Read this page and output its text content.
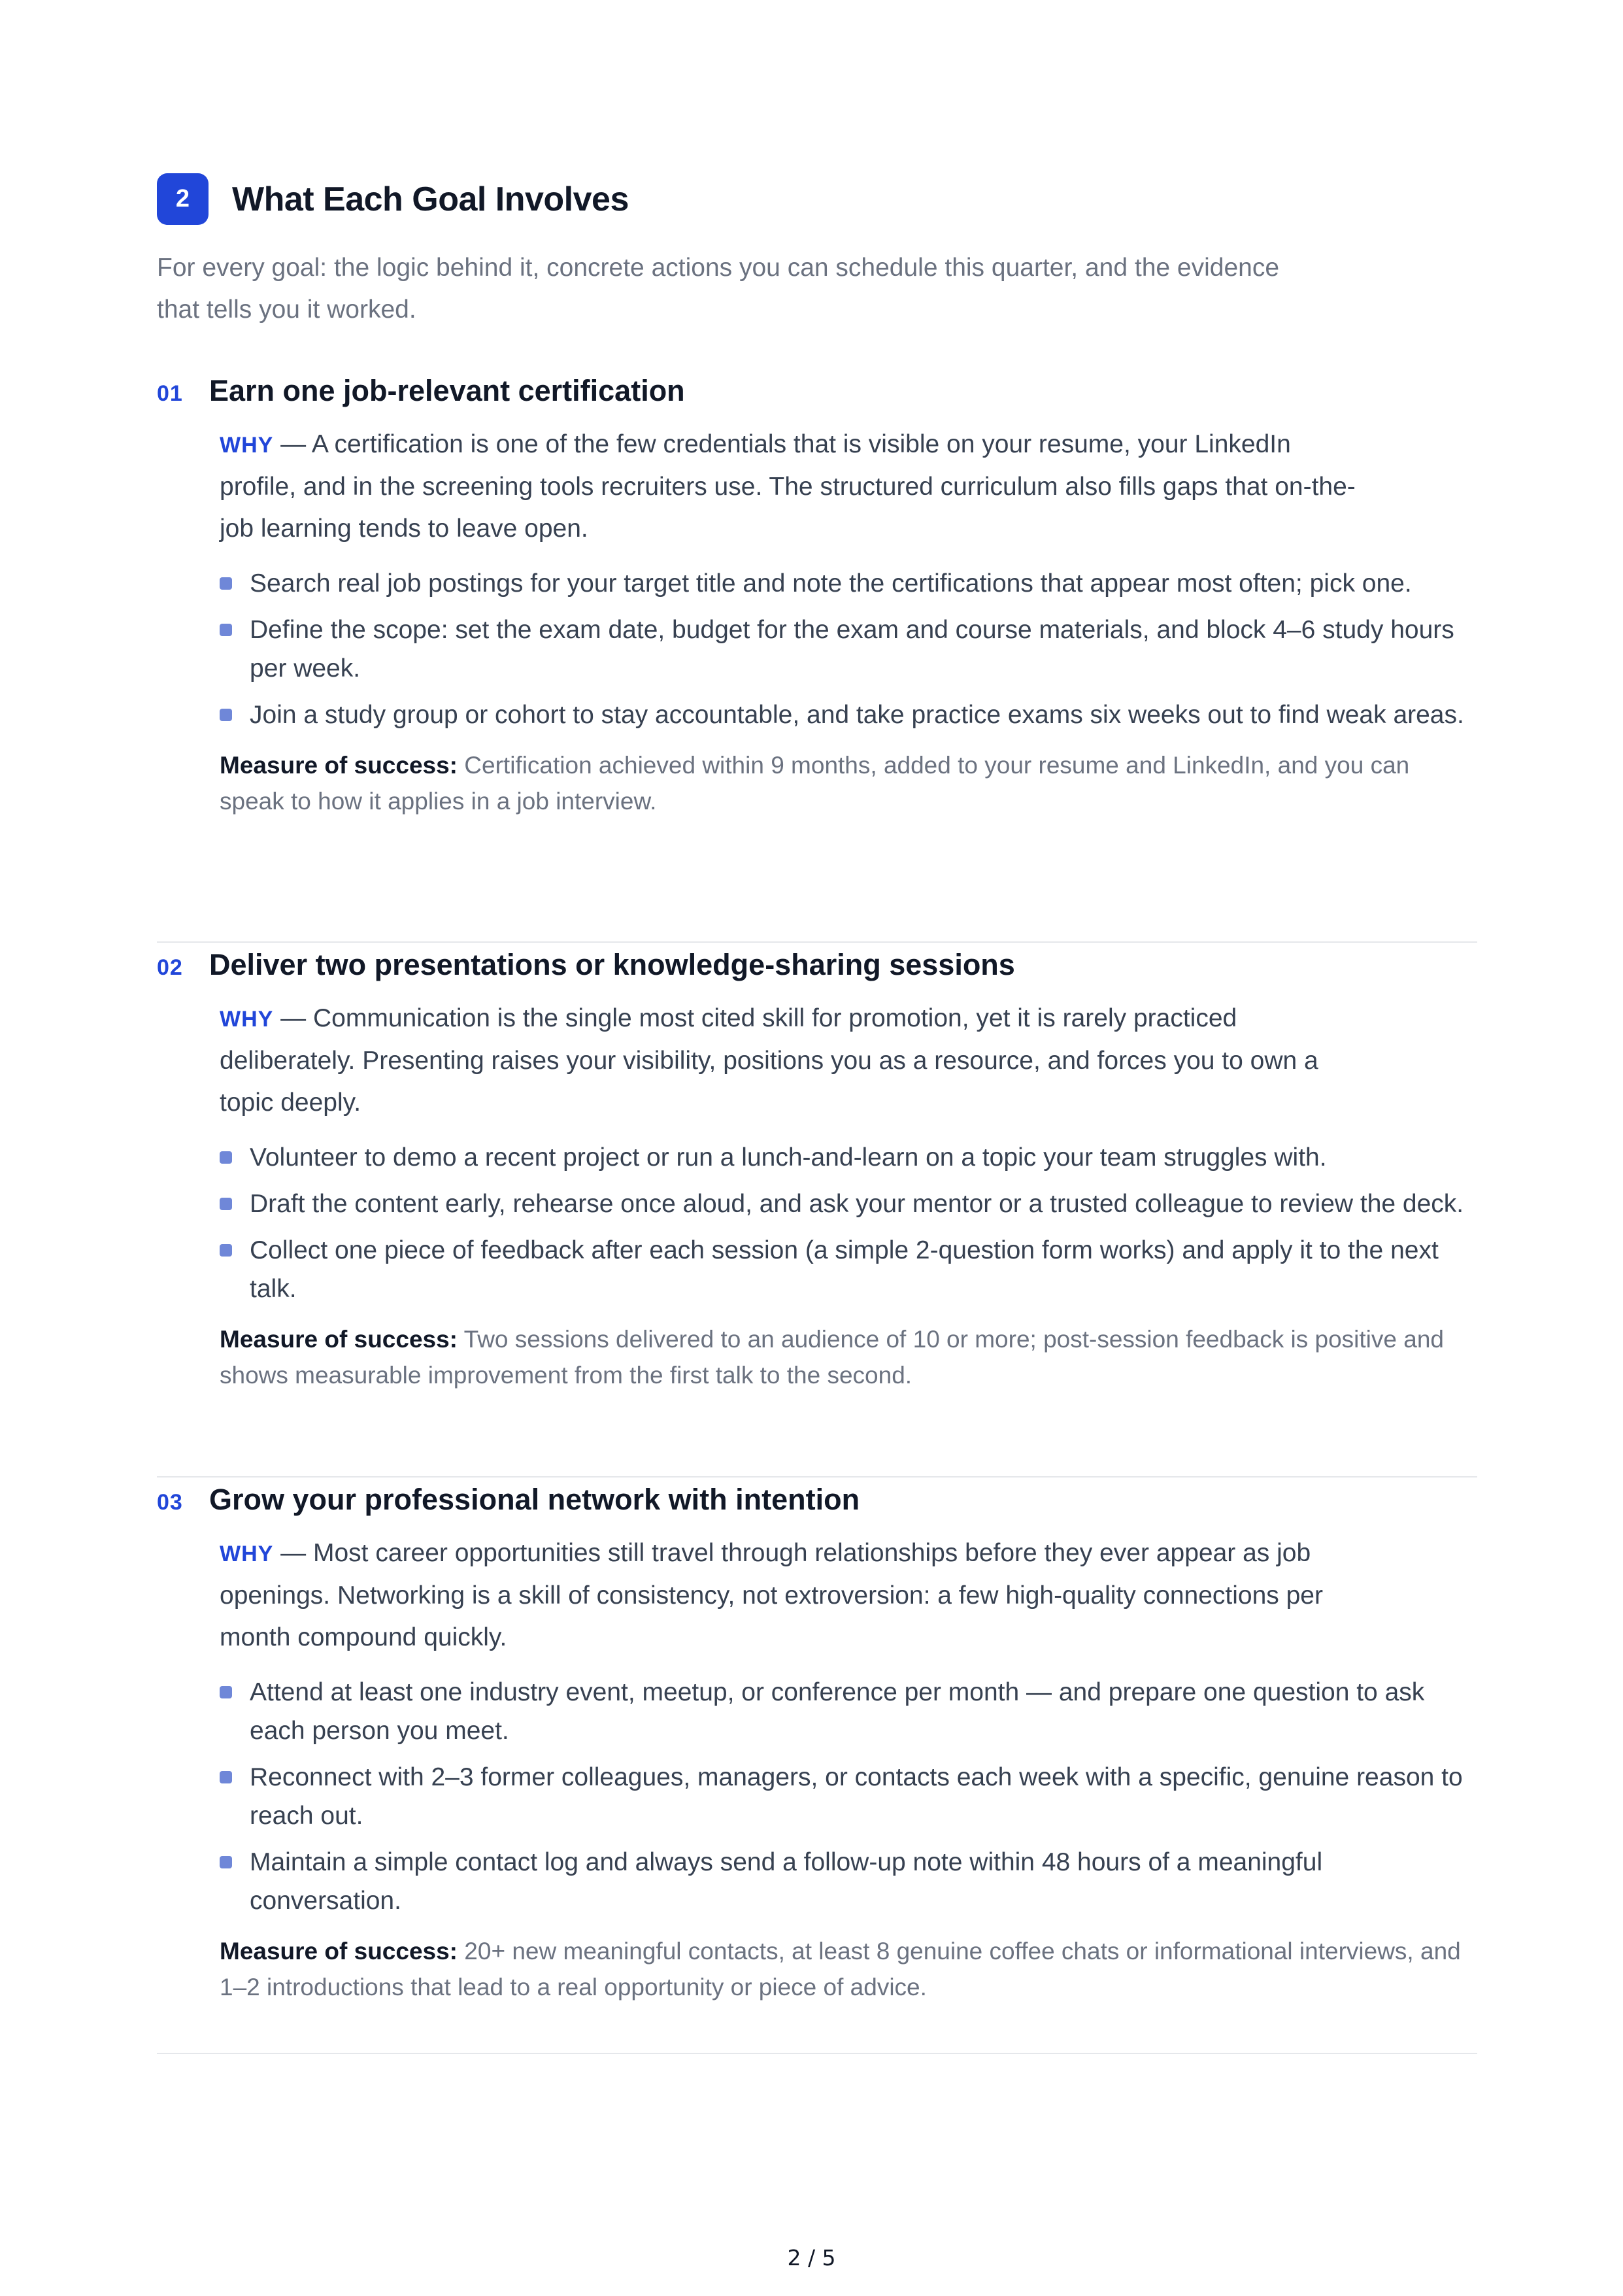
2	What Each Goal Involves

For every goal: the logic behind it, concrete actions you can schedule this quarter, and the evidence that tells you it worked.

01 Earn one job-relevant certification

WHY — A certification is one of the few credentials that is visible on your resume, your LinkedIn profile, and in the screening tools recruiters use. The structured curriculum also fills gaps that on-the-job learning tends to leave open.

Search real job postings for your target title and note the certifications that appear most often; pick one.
Define the scope: set the exam date, budget for the exam and course materials, and block 4–6 study hours per week.
Join a study group or cohort to stay accountable, and take practice exams six weeks out to find weak areas.

Measure of success: Certification achieved within 9 months, added to your resume and LinkedIn, and you can speak to how it applies in a job interview.

02 Deliver two presentations or knowledge-sharing sessions

WHY — Communication is the single most cited skill for promotion, yet it is rarely practiced deliberately. Presenting raises your visibility, positions you as a resource, and forces you to own a topic deeply.

Volunteer to demo a recent project or run a lunch-and-learn on a topic your team struggles with.
Draft the content early, rehearse once aloud, and ask your mentor or a trusted colleague to review the deck.
Collect one piece of feedback after each session (a simple 2-question form works) and apply it to the next talk.

Measure of success: Two sessions delivered to an audience of 10 or more; post-session feedback is positive and shows measurable improvement from the first talk to the second.

03 Grow your professional network with intention

WHY — Most career opportunities still travel through relationships before they ever appear as job openings. Networking is a skill of consistency, not extroversion: a few high-quality connections per month compound quickly.

Attend at least one industry event, meetup, or conference per month — and prepare one question to ask each person you meet.
Reconnect with 2–3 former colleagues, managers, or contacts each week with a specific, genuine reason to reach out.
Maintain a simple contact log and always send a follow-up note within 48 hours of a meaningful conversation.

Measure of success: 20+ new meaningful contacts, at least 8 genuine coffee chats or informational interviews, and 1–2 introductions that lead to a real opportunity or piece of advice.

2 / 5
